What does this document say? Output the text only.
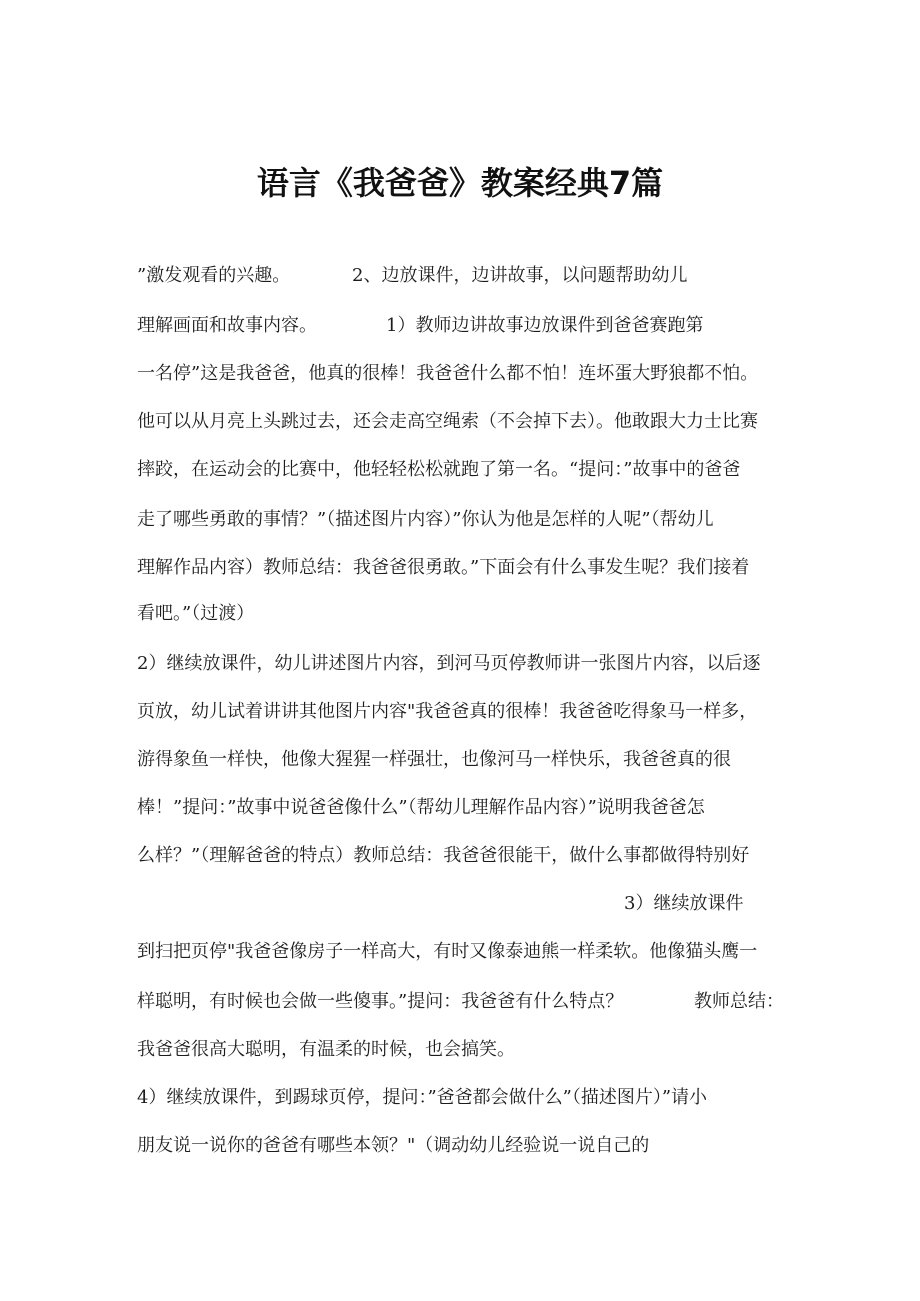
语言《我爸爸》教案经典7篇
”激发观看的兴趣。	2、边放课件，边讲故事，以问题帮助幼儿
理解画面和故事内容。	1）教师边讲故事边放课件到爸爸赛跑第
一名停”这是我爸爸，他真的很棒！我爸爸什么都不怕！连坏蛋大野狼都不怕。
他可以从月亮上头跳过去，还会走高空绳索（不会掉下去）。他敢跟大力士比赛
摔跤，在运动会的比赛中，他轻轻松松就跑了第一名。“提问：”故事中的爸爸
走了哪些勇敢的事情？”（描述图片内容）”你认为他是怎样的人呢”（帮幼儿
理解作品内容）教师总结：我爸爸很勇敢。”下面会有什么事发生呢？我们接着
看吧。”（过渡）
2）继续放课件，幼儿讲述图片内容，到河马页停教师讲一张图片内容，以后逐
页放，幼儿试着讲讲其他图片内容"我爸爸真的很棒！我爸爸吃得象马一样多，
游得象鱼一样快，他像大猩猩一样强壮，也像河马一样快乐，我爸爸真的很
棒！”提问：”故事中说爸爸像什么”（帮幼儿理解作品内容）”说明我爸爸怎
么样？”（理解爸爸的特点）教师总结：我爸爸很能干，做什么事都做得特别好
3）继续放课件
到扫把页停"我爸爸像房子一样高大，有时又像泰迪熊一样柔软。他像猫头鹰一
样聪明，有时候也会做一些傻事。”提问：我爸爸有什么特点？	教师总结：
我爸爸很高大聪明，有温柔的时候，也会搞笑。
4）继续放课件，到踢球页停，提问：”爸爸都会做什么”（描述图片）”请小
朋友说一说你的爸爸有哪些本领？"（调动幼儿经验说一说自己的
